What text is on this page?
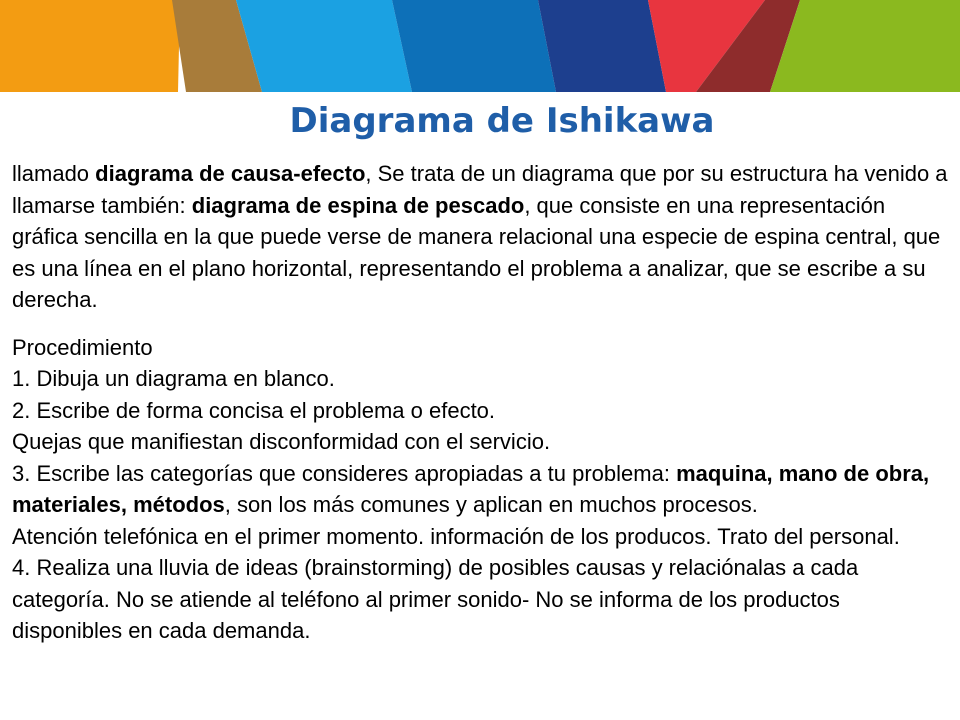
Diagrama de Ishikawa

llamado diagrama de causa-efecto, Se trata de un diagrama que por su estructura ha venido a llamarse también: diagrama de espina de pescado, que consiste en una representación gráfica sencilla en la que puede verse de manera relacional una especie de espina central, que es una línea en el plano horizontal, representando el problema a analizar, que se escribe a su derecha.

Procedimiento

1. Dibuja un diagrama en blanco.

2. Escribe de forma concisa el problema o efecto.

Quejas que manifiestan disconformidad con el servicio.

3. Escribe las categorías que consideres apropiadas a tu problema: maquina, mano de obra, materiales, métodos, son los más comunes y aplican en muchos procesos.

Atención telefónica en el primer momento. información de los producos. Trato del personal.

4. Realiza una lluvia de ideas (brainstorming) de posibles causas y relaciónalas a cada categoría. No se atiende al teléfono al primer sonido- No se informa de los productos disponibles en cada demanda.
